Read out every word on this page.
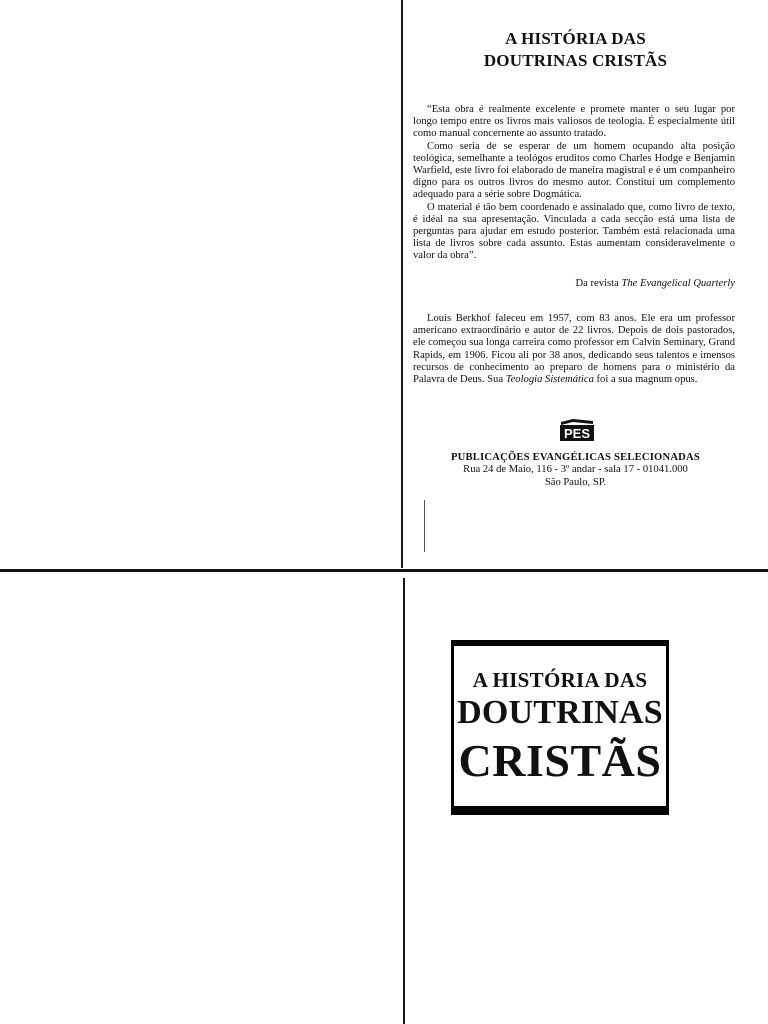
A HISTÓRIA DAS
DOUTRINAS CRISTÃS

“Esta obra é realmente excelente e promete manter o seu lugar por longo tempo entre os livros mais valiosos de teologia. É especialmente útil como manual concernente ao assunto tratado.

Como seria de se esperar de um homem ocupando alta posição teológica, semelhante a teológos eruditos como Charles Hodge e Benjamin Warfield, este livro foi elaborado de maneira magistral e é um companheiro digno para os outros livros do mesmo autor. Constitui um complemento adequado para a série sobre Dogmática.

O material é tão bem coordenado e assinalado que, como livro de texto, é idéal na sua apresentação. Vinculada a cada secção está uma lista de perguntas para ajudar em estudo posterior. Também está relacionada uma lista de livros sobre cada assunto. Estas aumentam consideravelmente o valor da obra”.

Da revista The Evangelical Quarterly

Louis Berkhof faleceu em 1957, com 83 anos. Ele era um professor americano extraordinário e autor de 22 livros. Depois de dois pastorados, ele começou sua longa carreira como professor em Calvin Seminary, Grand Rapids, em 1906. Ficou ali por 38 anos, dedicando seus talentos e imensos recursos de conhecimento ao preparo de homens para o ministério da Palavra de Deus. Sua Teologia Sistemática foi a sua magnum opus.

PES
PUBLICAÇÕES EVANGÉLICAS SELECIONADAS
Rua 24 de Maio, 116 - 3º andar - sala 17 - 01041.000
São Paulo, SP.
A HISTÓRIA DAS
DOUTRINAS
CRISTÃS
